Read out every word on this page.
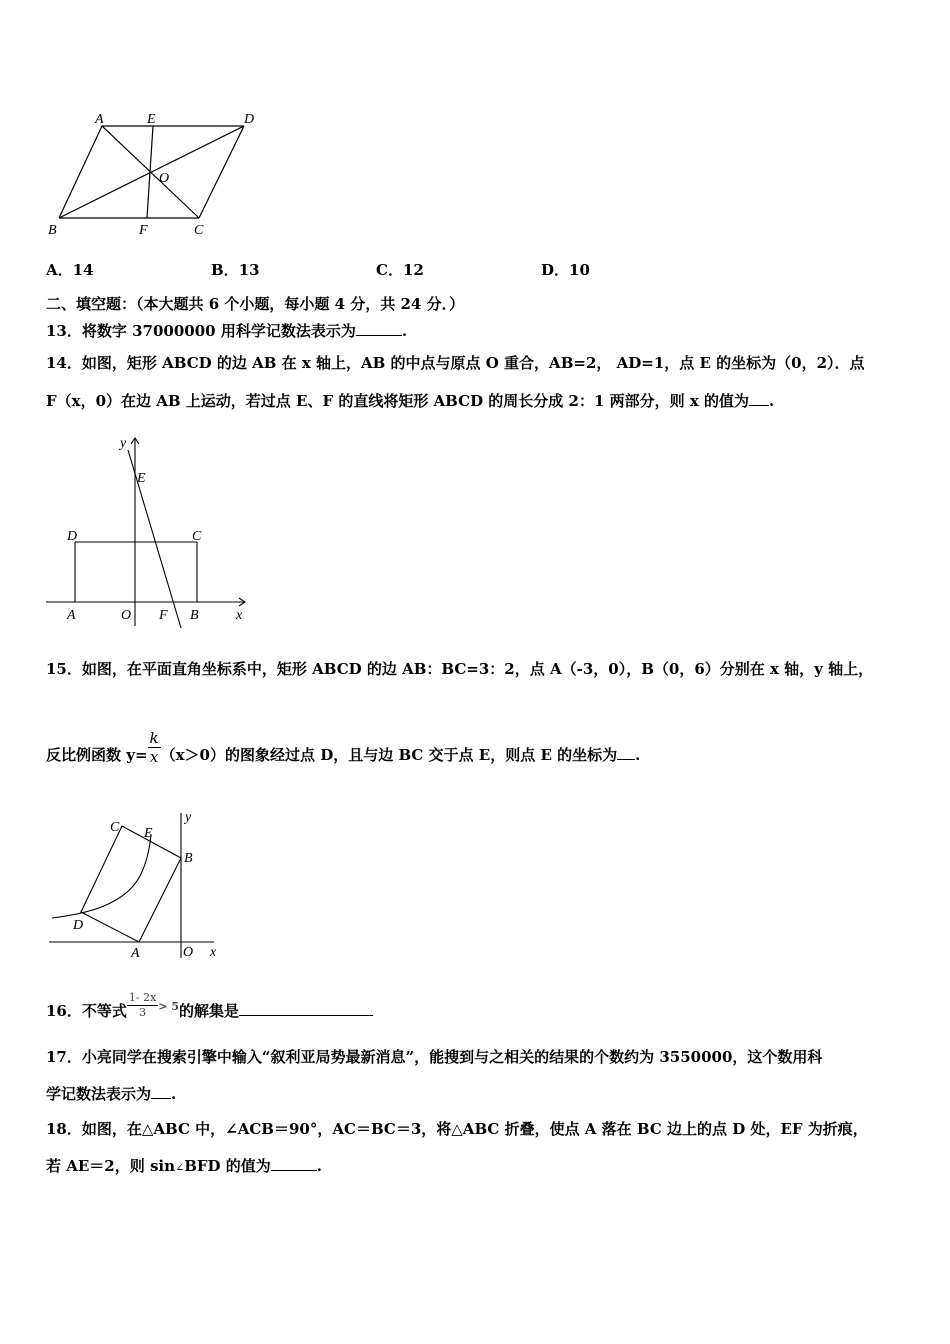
A	E	D
O
B	F	C
A．14	B．13	C．12	D．10
二、填空题：（本大题共 6 个小题，每小题 4 分，共 24 分．）
13．将数字 37000000 用科学记数法表示为	.
14．如图，矩形 ABCD 的边 AB 在 x 轴上，AB 的中点与原点 O 重合，AB=2， AD=1，点 E 的坐标为（0，2）．点
F（x，0）在边 AB 上运动，若过点 E、F 的直线将矩形 ABCD 的周长分成 2：1 两部分，则 x 的值为 .
y
E
D	C
A	O F B	x
15．如图，在平面直角坐标系中，矩形 ABCD 的边 AB：BC=3：2，点 A（-3，0），B（0，6）分别在 x 轴，y 轴上，
反比例函数 $y= \frac{k}{x} (x>0)$的图象经过点 D，且与边 BC 交于点 E，则点 E 的坐标为 .
C E
y
B
D
A	O x
16．不等式 $\frac{1- 2x}{3} ^{> 5}$的解集是
17．小亮同学在搜索引擎中输入“叙利亚局势最新消息”，能搜到与之相关的结果的个数约为 3550000，这个数用科
学记数法表示为 .
18．如图，在△ABC 中，∠ACB＝90°，AC＝BC＝3，将△ABC 折叠，使点 A 落在 BC 边上的点 D 处，EF 为折痕，
若 AE＝2，则 sin∠BFD 的值为	.
